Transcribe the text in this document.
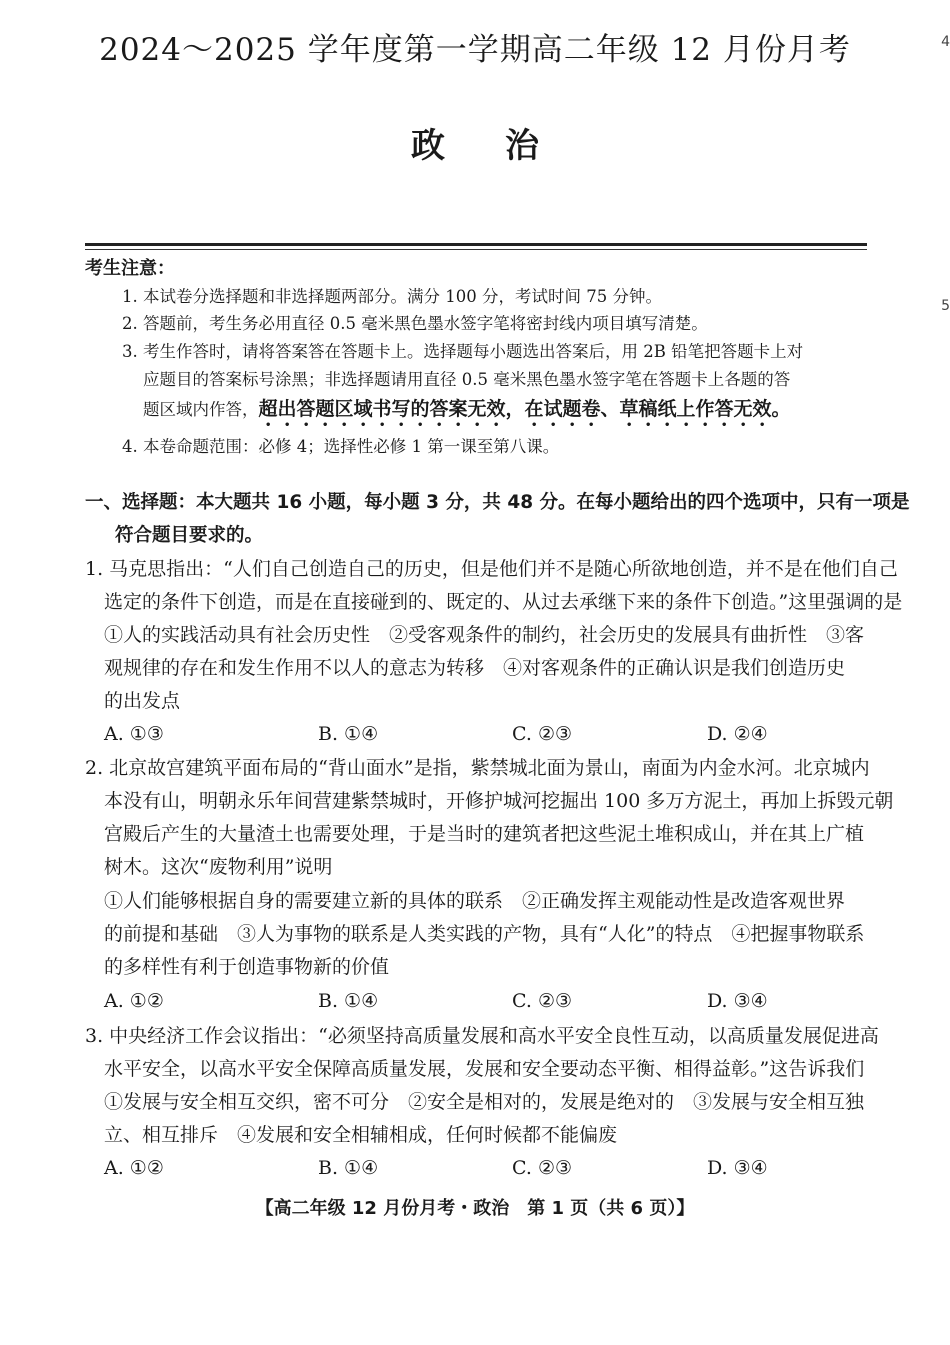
2024～2025 学年度第一学期高二年级 12 月份月考	4
5
政 治
考生注意：
1. 本试卷分选择题和非选择题两部分。满分 100 分，考试时间 75 分钟。
2. 答题前，考生务必用直径 0.5 毫米黑色墨水签字笔将密封线内项目填写清楚。
3. 考生作答时，请将答案答在答题卡上。选择题每小题选出答案后，用 2B 铅笔把答题卡上对
应题目的答案标号涂黑；非选择题请用直径 0.5 毫米黑色墨水签字笔在答题卡上各题的答
题区域内作答，超出答题区域书写的答案无效，在试题卷、草稿纸上作答无效。
4. 本卷命题范围：必修 4；选择性必修 1 第一课至第八课。
一、选择题：本大题共 16 小题，每小题 3 分，共 48 分。在每小题给出的四个选项中，只有一项是
符合题目要求的。
1. 马克思指出：“人们自己创造自己的历史，但是他们并不是随心所欲地创造，并不是在他们自己
选定的条件下创造，而是在直接碰到的、既定的、从过去承继下来的条件下创造。”这里强调的是
①人的实践活动具有社会历史性　②受客观条件的制约，社会历史的发展具有曲折性　③客
观规律的存在和发生作用不以人的意志为转移　④对客观条件的正确认识是我们创造历史
的出发点
A. ①③	B. ①④	C. ②③	D. ②④
2. 北京故宫建筑平面布局的“背山面水”是指，紫禁城北面为景山，南面为内金水河。北京城内
本没有山，明朝永乐年间营建紫禁城时，开修护城河挖掘出 100 多万方泥土，再加上拆毁元朝
宫殿后产生的大量渣土也需要处理，于是当时的建筑者把这些泥土堆积成山，并在其上广植
树木。这次“废物利用”说明
①人们能够根据自身的需要建立新的具体的联系　②正确发挥主观能动性是改造客观世界
的前提和基础　③人为事物的联系是人类实践的产物，具有“人化”的特点　④把握事物联系
的多样性有利于创造事物新的价值
A. ①②	B. ①④	C. ②③	D. ③④
3. 中央经济工作会议指出：“必须坚持高质量发展和高水平安全良性互动，以高质量发展促进高
水平安全，以高水平安全保障高质量发展，发展和安全要动态平衡、相得益彰。”这告诉我们
①发展与安全相互交织，密不可分　②安全是相对的，发展是绝对的　③发展与安全相互独
立、相互排斥　④发展和安全相辅相成，任何时候都不能偏废
A. ①②	B. ①④	C. ②③	D. ③④
【高二年级 12 月份月考・政治　第 1 页（共 6 页）】
